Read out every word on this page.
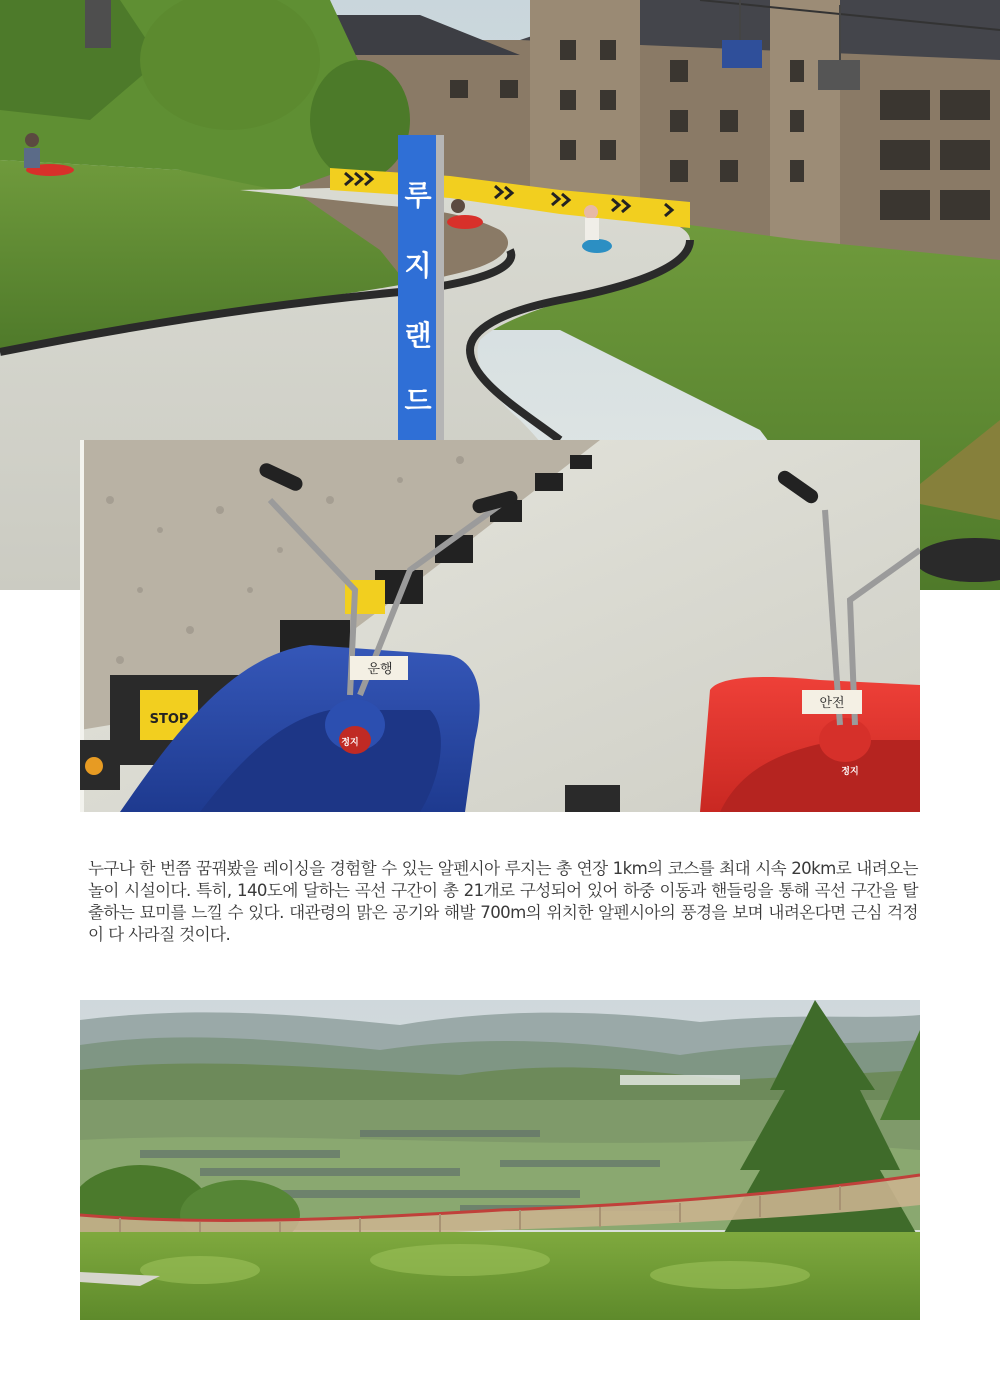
루
지
랜
드
STOP
정지
운행
정지
안전

누구나 한 번쯤 꿈꿔봤을 레이싱을 경험할 수 있는 알펜시아 루지는 총 연장 1km의 코스를 최대 시속 20km로 내려오는 놀이 시설이다. 특히, 140도에 달하는 곡선 구간이 총 21개로 구성되어 있어 하중 이동과 핸들링을 통해 곡선 구간을 탈출하는 묘미를 느낄 수 있다. 대관령의 맑은 공기와 해발 700m의 위치한 알펜시아의 풍경을 보며 내려온다면 근심 걱정이 다 사라질 것이다.
